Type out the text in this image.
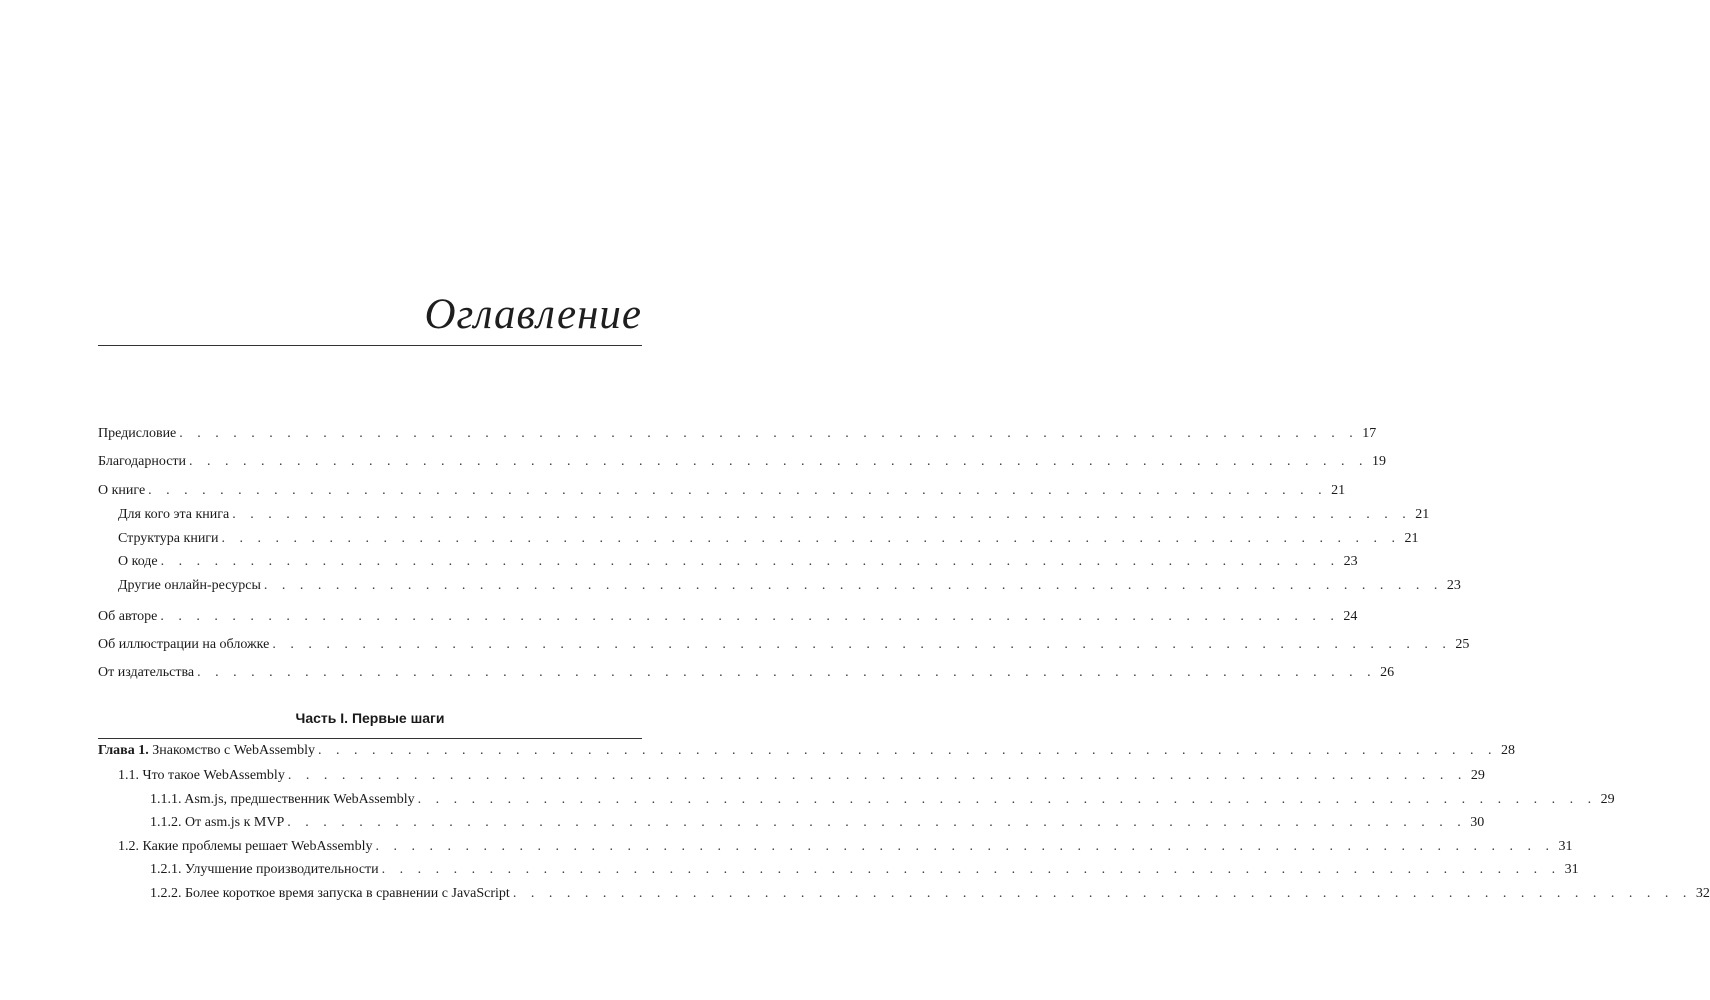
Оглавление
Предисловие . . . . . . . . . . . . . . . . . . . . . . . . . . . . . . . . . . . . . . . . . . . . . . . . . . . . . . . . . . . . . . . . . . 17
Благодарности . . . . . . . . . . . . . . . . . . . . . . . . . . . . . . . . . . . . . . . . . . . . . . . . . . . . . . . . . . . . . . . . . . 19
О книге . . . . . . . . . . . . . . . . . . . . . . . . . . . . . . . . . . . . . . . . . . . . . . . . . . . . . . . . . . . . . . . . . . 21
Для кого эта книга . . . . . . . . . . . . . . . . . . . . . . . . . . . . . . . . . . . . . . . . . . . . . . . . . . . . . . . . . . . . . . . . . . 21
Структура книги . . . . . . . . . . . . . . . . . . . . . . . . . . . . . . . . . . . . . . . . . . . . . . . . . . . . . . . . . . . . . . . . . . 21
О коде . . . . . . . . . . . . . . . . . . . . . . . . . . . . . . . . . . . . . . . . . . . . . . . . . . . . . . . . . . . . . . . . . . 23
Другие онлайн-ресурсы . . . . . . . . . . . . . . . . . . . . . . . . . . . . . . . . . . . . . . . . . . . . . . . . . . . . . . . . . . . . . . . . . . 23
Об авторе . . . . . . . . . . . . . . . . . . . . . . . . . . . . . . . . . . . . . . . . . . . . . . . . . . . . . . . . . . . . . . . . . . 24
Об иллюстрации на обложке . . . . . . . . . . . . . . . . . . . . . . . . . . . . . . . . . . . . . . . . . . . . . . . . . . . . . . . . . . . . . . . . . . 25
От издательства . . . . . . . . . . . . . . . . . . . . . . . . . . . . . . . . . . . . . . . . . . . . . . . . . . . . . . . . . . . . . . . . . . 26
Часть I. Первые шаги
Глава 1. Знакомство с WebAssembly . . . . . . . . . . . . . . . . . . . . . . . . . . . . . . . . . . . . . . . . . . . . . . . . . . . . . . . . . . . . . . . . . . 28
1.1. Что такое WebAssembly . . . . . . . . . . . . . . . . . . . . . . . . . . . . . . . . . . . . . . . . . . . . . . . . . . . . . . . . . . . . . . . . . . 29
1.1.1. Asm.js, предшественник WebAssembly . . . . . . . . . . . . . . . . . . . . . . . . . . . . . . . . . . . . . . . . . . . . . . . . . . . . . . . . . . . . . . . . . . 29
1.1.2. От asm.js к MVP . . . . . . . . . . . . . . . . . . . . . . . . . . . . . . . . . . . . . . . . . . . . . . . . . . . . . . . . . . . . . . . . . . 30
1.2. Какие проблемы решает WebAssembly . . . . . . . . . . . . . . . . . . . . . . . . . . . . . . . . . . . . . . . . . . . . . . . . . . . . . . . . . . . . . . . . . . 31
1.2.1. Улучшение производительности . . . . . . . . . . . . . . . . . . . . . . . . . . . . . . . . . . . . . . . . . . . . . . . . . . . . . . . . . . . . . . . . . . 31
1.2.2. Более короткое время запуска в сравнении с JavaScript . . . . . . . . . . . . . . . . . . . . . . . . . . . . . . . . . . . . . . . . . . . . . . . . . . . . . . . . . . . . . . . . . . 32
